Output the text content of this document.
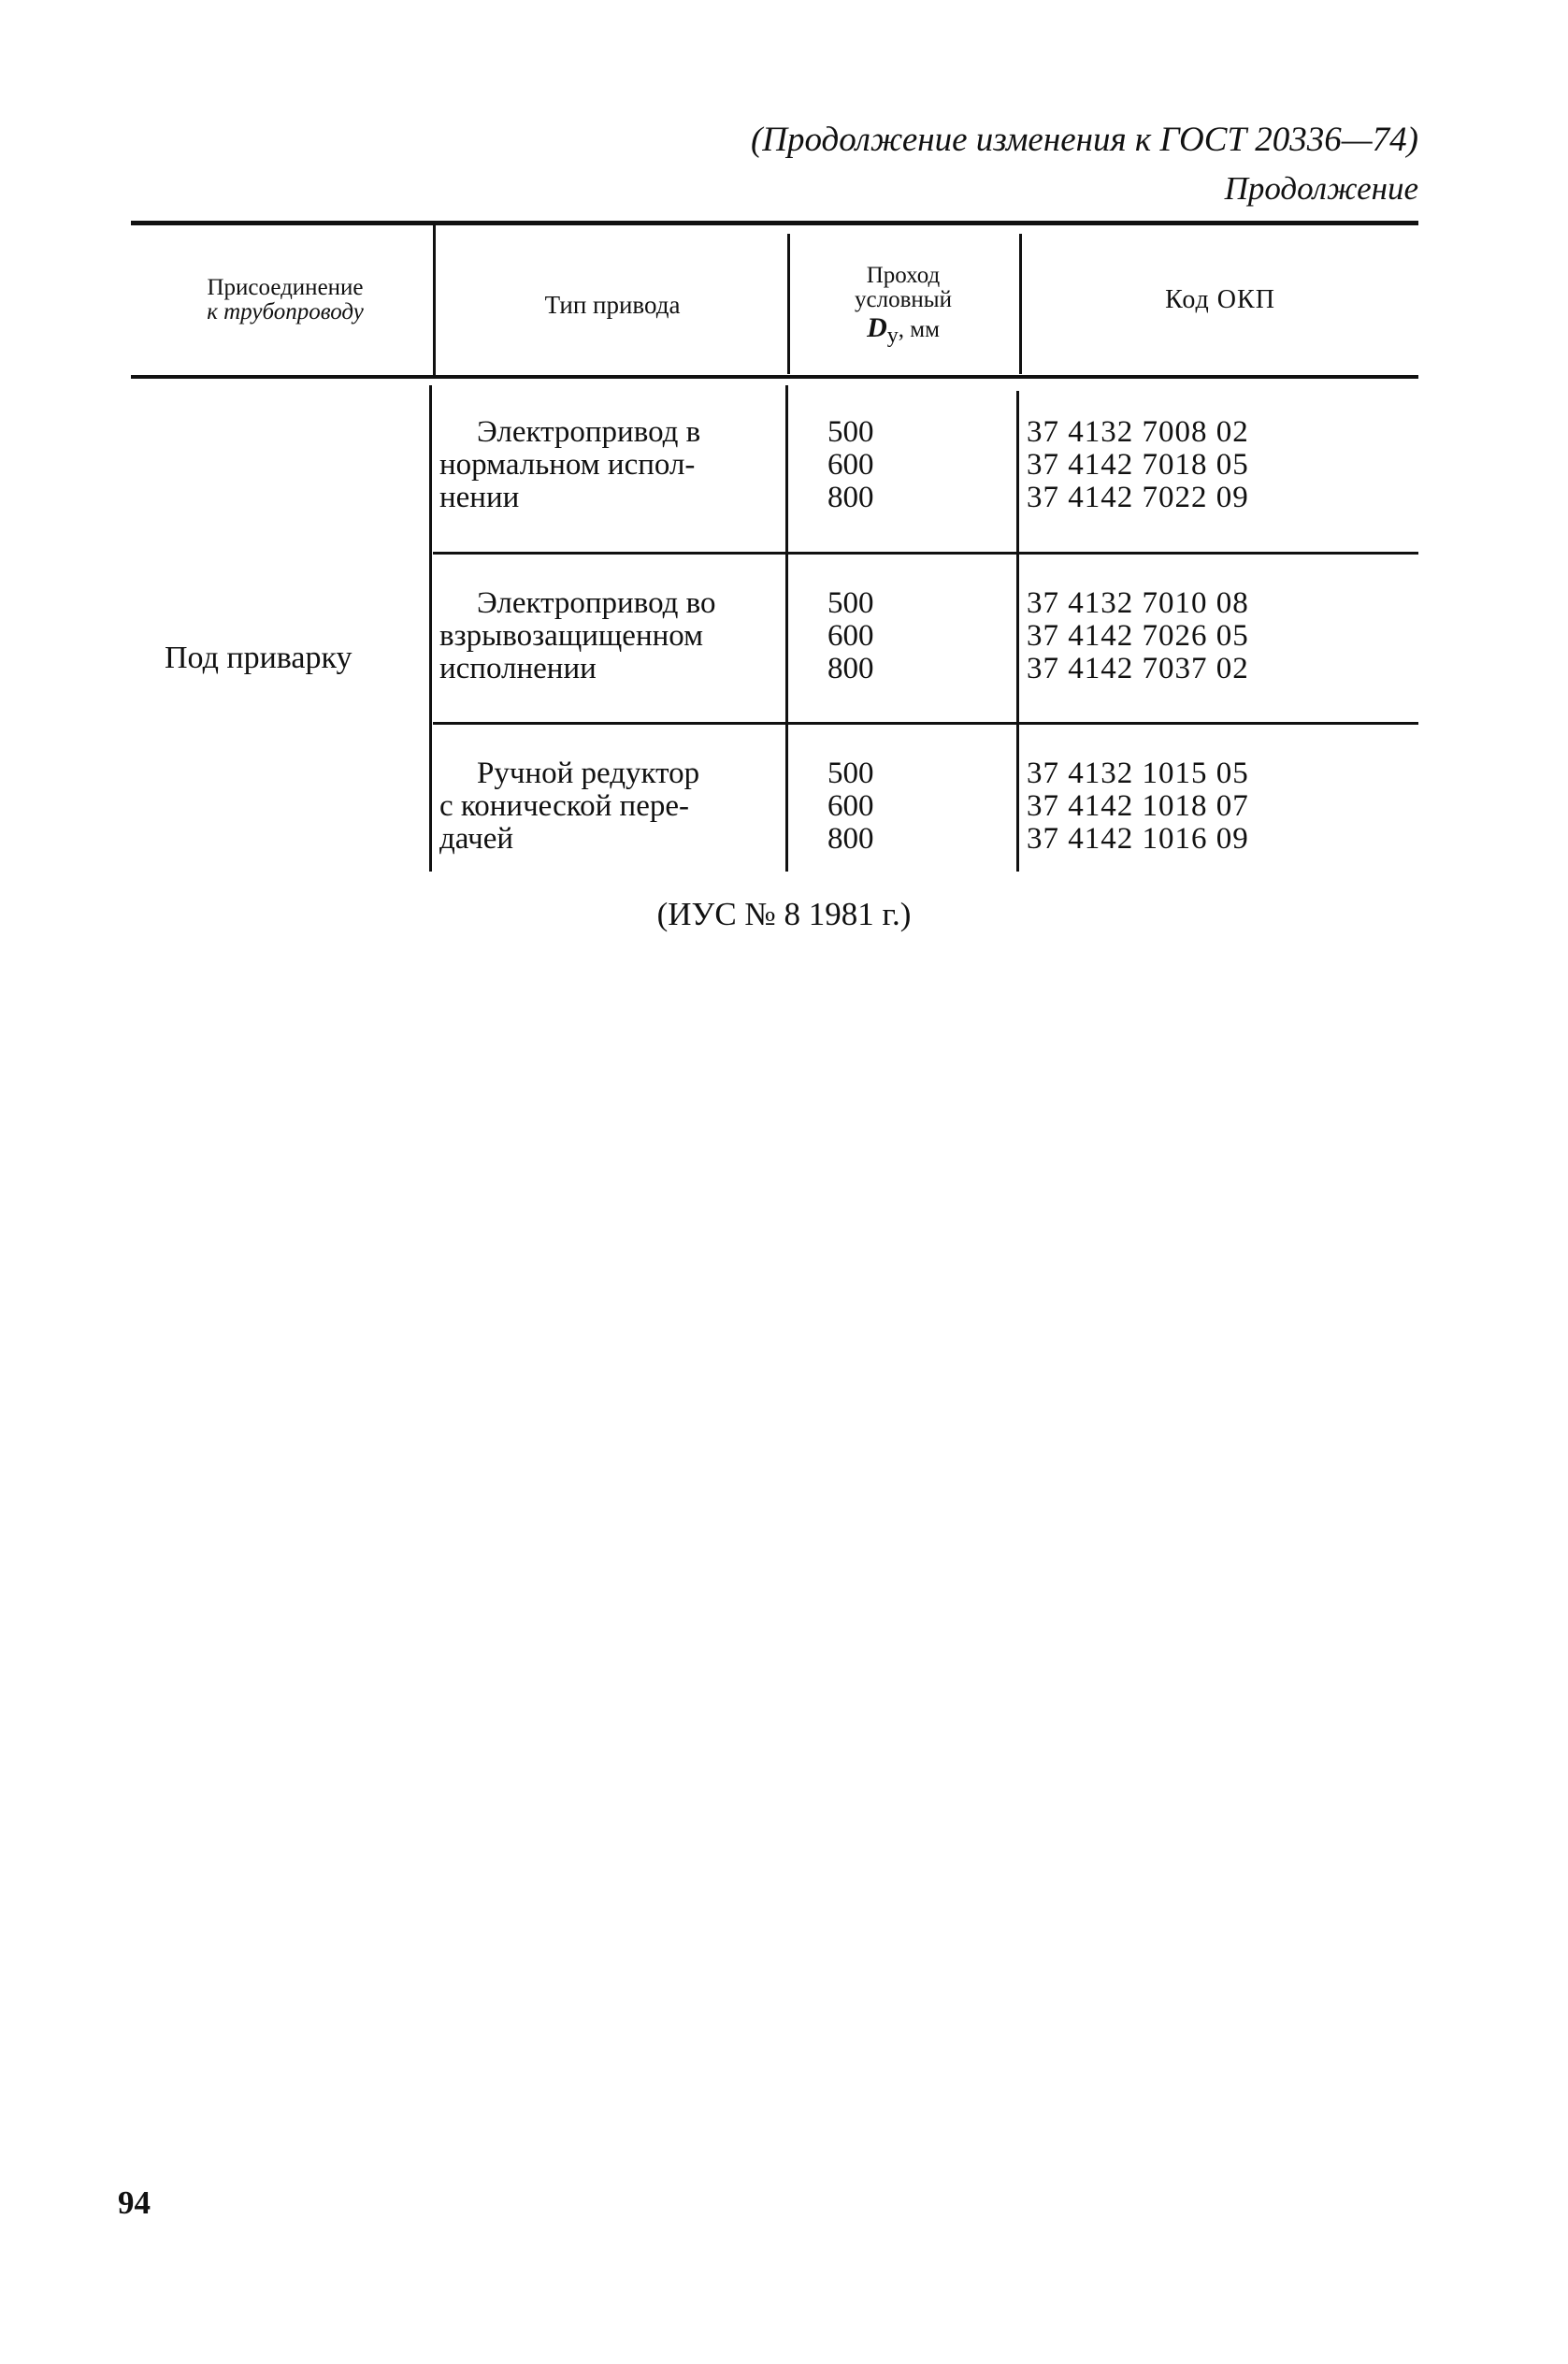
(Продолжение изменения к ГОСТ 20336—74)
Продолжение
Присоединение
к трубопроводу	Тип привода
Проход
условный
$D_у$, мм
Код ОКП
Под приварку
Электропривод в
нормальном испол-
нении
500
600
800
37 4132 7008 02
37 4142 7018 05
37 4142 7022 09
Электропривод во
взрывозащищенном
исполнении
500
600
800
37 4132 7010 08
37 4142 7026 05
37 4142 7037 02
Ручной редуктор
с конической пере-
дачей
500
600
800
37 4132 1015 05
37 4142 1018 07
37 4142 1016 09
(ИУС № 8 1981 г.)
94
